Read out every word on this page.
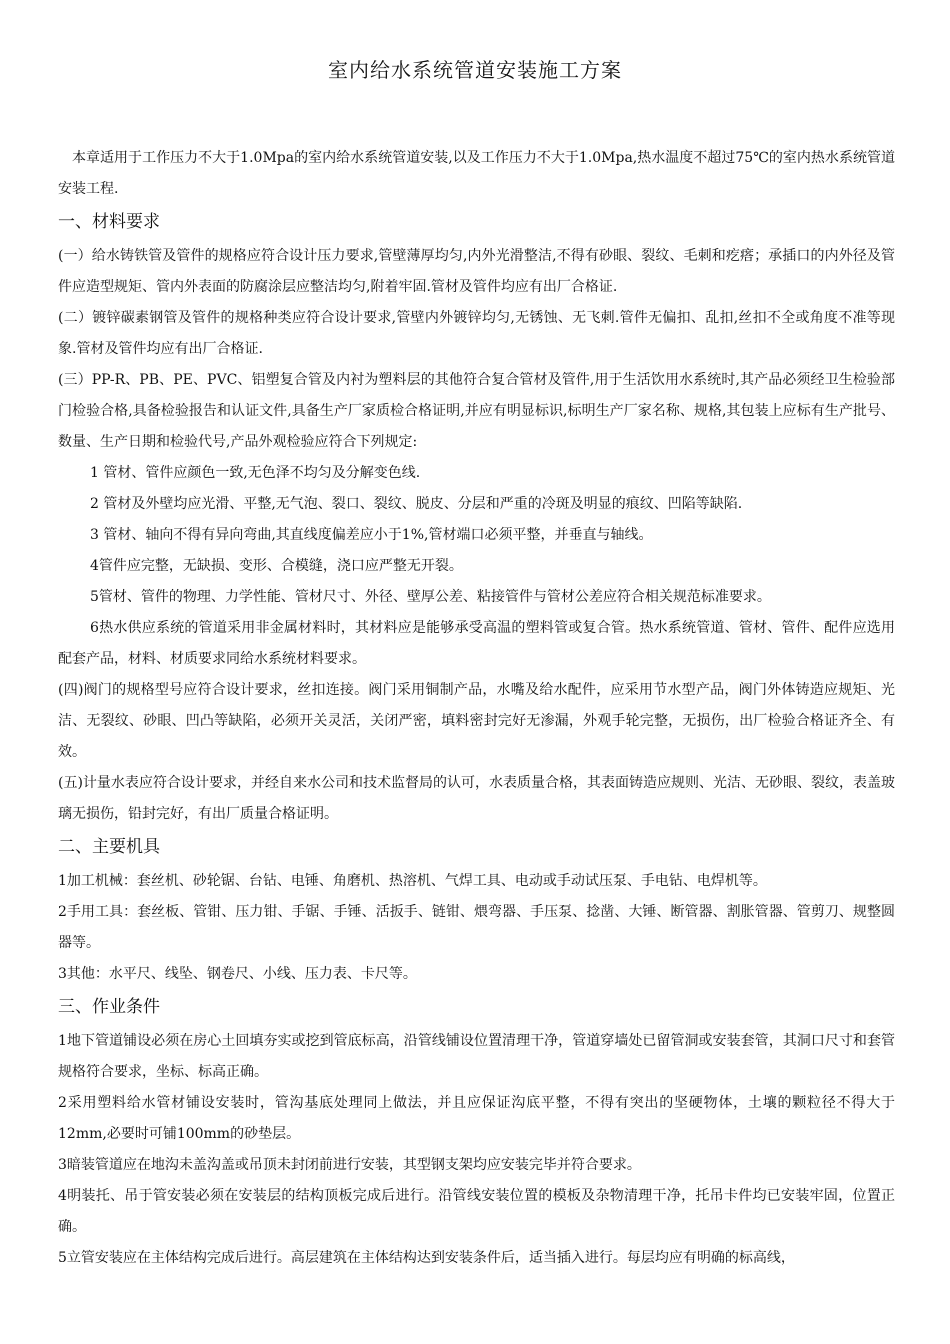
室内给水系统管道安装施工方案

本章适用于工作压力不大于1.0Mpa的室内给水系统管道安装,以及工作压力不大于1.0Mpa,热水温度不超过75℃的室内热水系统管道安装工程.

一、材料要求

(一）给水铸铁管及管件的规格应符合设计压力要求,管壁薄厚均匀,内外光滑整洁,不得有砂眼、裂纹、毛刺和疙瘩；承插口的内外径及管件应造型规矩、管内外表面的防腐涂层应整洁均匀,附着牢固.管材及管件均应有出厂合格证.

(二）镀锌碳素钢管及管件的规格种类应符合设计要求,管壁内外镀锌均匀,无锈蚀、无飞刺.管件无偏扣、乱扣,丝扣不全或角度不准等现象.管材及管件均应有出厂合格证.

(三）PP-R、PB、PE、PVC、铝塑复合管及内衬为塑料层的其他符合复合管材及管件,用于生活饮用水系统时,其产品必须经卫生检验部门检验合格,具备检验报告和认证文件,具备生产厂家质检合格证明,并应有明显标识,标明生产厂家名称、规格,其包装上应标有生产批号、数量、生产日期和检验代号,产品外观检验应符合下列规定:

1 管材、管件应颜色一致,无色泽不均匀及分解变色线.

2 管材及外壁均应光滑、平整,无气泡、裂口、裂纹、脱皮、分层和严重的冷斑及明显的痕纹、凹陷等缺陷.

3 管材、轴向不得有异向弯曲,其直线度偏差应小于1%,管材端口必须平整，并垂直与轴线。

4管件应完整，无缺损、变形、合模缝，浇口应严整无开裂。

5管材、管件的物理、力学性能、管材尺寸、外径、壁厚公差、粘接管件与管材公差应符合相关规范标准要求。

6热水供应系统的管道采用非金属材料时，其材料应是能够承受高温的塑料管或复合管。热水系统管道、管材、管件、配件应选用配套产品，材料、材质要求同给水系统材料要求。

(四)阀门的规格型号应符合设计要求，丝扣连接。阀门采用铜制产品，水嘴及给水配件，应采用节水型产品，阀门外体铸造应规矩、光洁、无裂纹、砂眼、凹凸等缺陷，必须开关灵活，关闭严密，填料密封完好无渗漏，外观手轮完整，无损伤，出厂检验合格证齐全、有效。

(五)计量水表应符合设计要求，并经自来水公司和技术监督局的认可，水表质量合格，其表面铸造应规则、光洁、无砂眼、裂纹，表盖玻璃无损伤，铅封完好，有出厂质量合格证明。

二、主要机具

1加工机械：套丝机、砂轮锯、台钻、电锤、角磨机、热溶机、气焊工具、电动或手动试压泵、手电钻、电焊机等。

2手用工具：套丝板、管钳、压力钳、手锯、手锤、活扳手、链钳、煨弯器、手压泵、捻凿、大锤、断管器、割胀管器、管剪刀、规整圆器等。

3其他：水平尺、线坠、钢卷尺、小线、压力表、卡尺等。

三、作业条件

1地下管道铺设必须在房心土回填夯实或挖到管底标高，沿管线铺设位置清理干净，管道穿墙处已留管洞或安装套管，其洞口尺寸和套管规格符合要求，坐标、标高正确。

2采用塑料给水管材铺设安装时，管沟基底处理同上做法，并且应保证沟底平整，不得有突出的坚硬物体，土壤的颗粒径不得大于12mm,必要时可铺100mm的砂垫层。

3暗装管道应在地沟未盖沟盖或吊顶未封闭前进行安装，其型钢支架均应安装完毕并符合要求。

4明装托、吊于管安装必须在安装层的结构顶板完成后进行。沿管线安装位置的模板及杂物清理干净，托吊卡件均已安装牢固，位置正确。

5立管安装应在主体结构完成后进行。高层建筑在主体结构达到安装条件后，适当插入进行。每层均应有明确的标高线，
